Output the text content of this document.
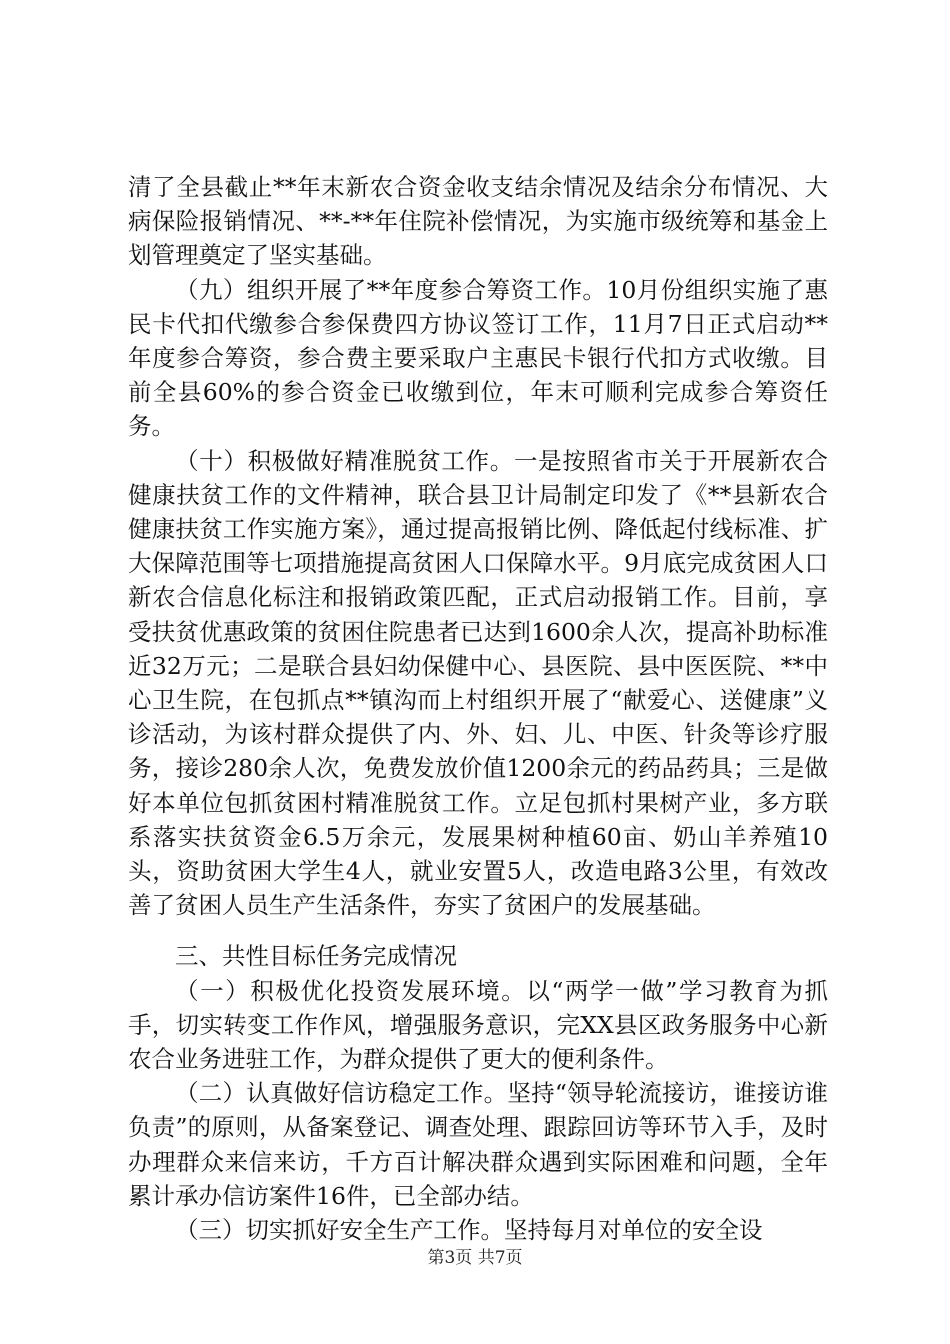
清了全县截止**年末新农合资金收支结余情况及结余分布情况、大病保险报销情况、**-**年住院补偿情况，为实施市级统筹和基金上划管理奠定了坚实基础。

（九）组织开展了**年度参合筹资工作。10月份组织实施了惠民卡代扣代缴参合参保费四方协议签订工作，11月7日正式启动**年度参合筹资，参合费主要采取户主惠民卡银行代扣方式收缴。目前全县60%的参合资金已收缴到位，年末可顺利完成参合筹资任务。

（十）积极做好精准脱贫工作。一是按照省市关于开展新农合健康扶贫工作的文件精神，联合县卫计局制定印发了《**县新农合健康扶贫工作实施方案》，通过提高报销比例、降低起付线标准、扩大保障范围等七项措施提高贫困人口保障水平。9月底完成贫困人口新农合信息化标注和报销政策匹配，正式启动报销工作。目前，享受扶贫优惠政策的贫困住院患者已达到1600余人次，提高补助标准近32万元；二是联合县妇幼保健中心、县医院、县中医医院、**中心卫生院，在包抓点**镇沟而上村组织开展了“献爱心、送健康”义诊活动，为该村群众提供了内、外、妇、儿、中医、针灸等诊疗服务，接诊280余人次，免费发放价值1200余元的药品药具；三是做好本单位包抓贫困村精准脱贫工作。立足包抓村果树产业，多方联系落实扶贫资金6.5万余元，发展果树种植60亩、奶山羊养殖10头，资助贫困大学生4人，就业安置5人，改造电路3公里，有效改善了贫困人员生产生活条件，夯实了贫困户的发展基础。

三、共性目标任务完成情况

（一）积极优化投资发展环境。以“两学一做”学习教育为抓手，切实转变工作作风，增强服务意识，完XX县区政务服务中心新农合业务进驻工作，为群众提供了更大的便利条件。

（二）认真做好信访稳定工作。坚持“领导轮流接访，谁接访谁负责”的原则，从备案登记、调查处理、跟踪回访等环节入手，及时办理群众来信来访，千方百计解决群众遇到实际困难和问题，全年累计承办信访案件16件，已全部办结。

（三）切实抓好安全生产工作。坚持每月对单位的安全设

第3页 共7页
